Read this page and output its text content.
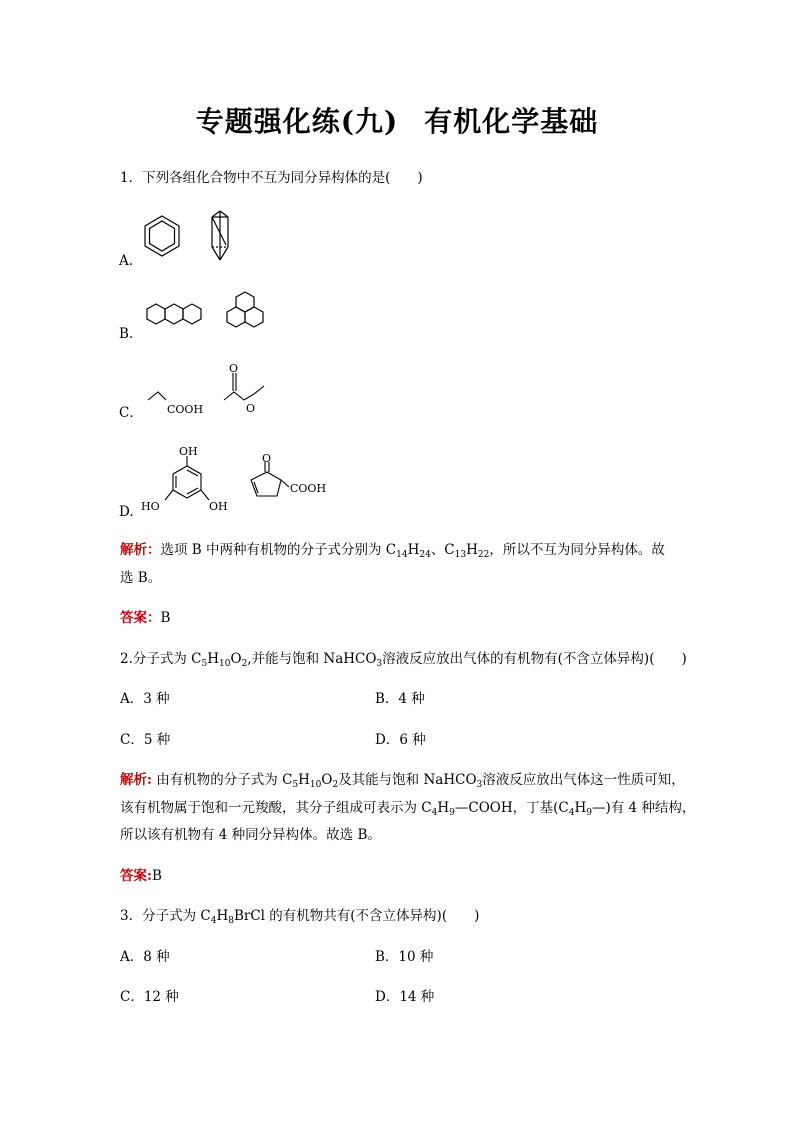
专题强化练(九) 有机化学基础
1．下列各组化合物中不互为同分异构体的是(　　)
A.
B.
C． COOH
O
O
D.
OH
HO	OH
O
COOH
解析：选项 B 中两种有机物的分子式分别为 $C_{14}H_{24}$、$C_{13}H_{22}$，所以不互为同分异构体。故
选 B。
答案：B
2.分子式为 $C_5H_{10}O_2$,并能与饱和 NaHCO$_3$溶液反应放出气体的有机物有(不含立体异构)(　　)
A．3 种	B．4 种
C．5 种	D．6 种
解析: 由有机物的分子式为 $C_5H_{10}O_2$及其能与饱和 NaHCO$_3$溶液反应放出气体这一性质可知，
该有机物属于饱和一元羧酸，其分子组成可表示为 $C_4H_9—COOH$，丁基$(C_4H_9—)$有 4 种结构，
所以该有机物有 4 种同分异构体。故选 B。
答案:B
3．分子式为 $C_4H_8BrCl$ 的有机物共有(不含立体异构)(　　)
A．8 种	B．10 种
C．12 种	D．14 种
